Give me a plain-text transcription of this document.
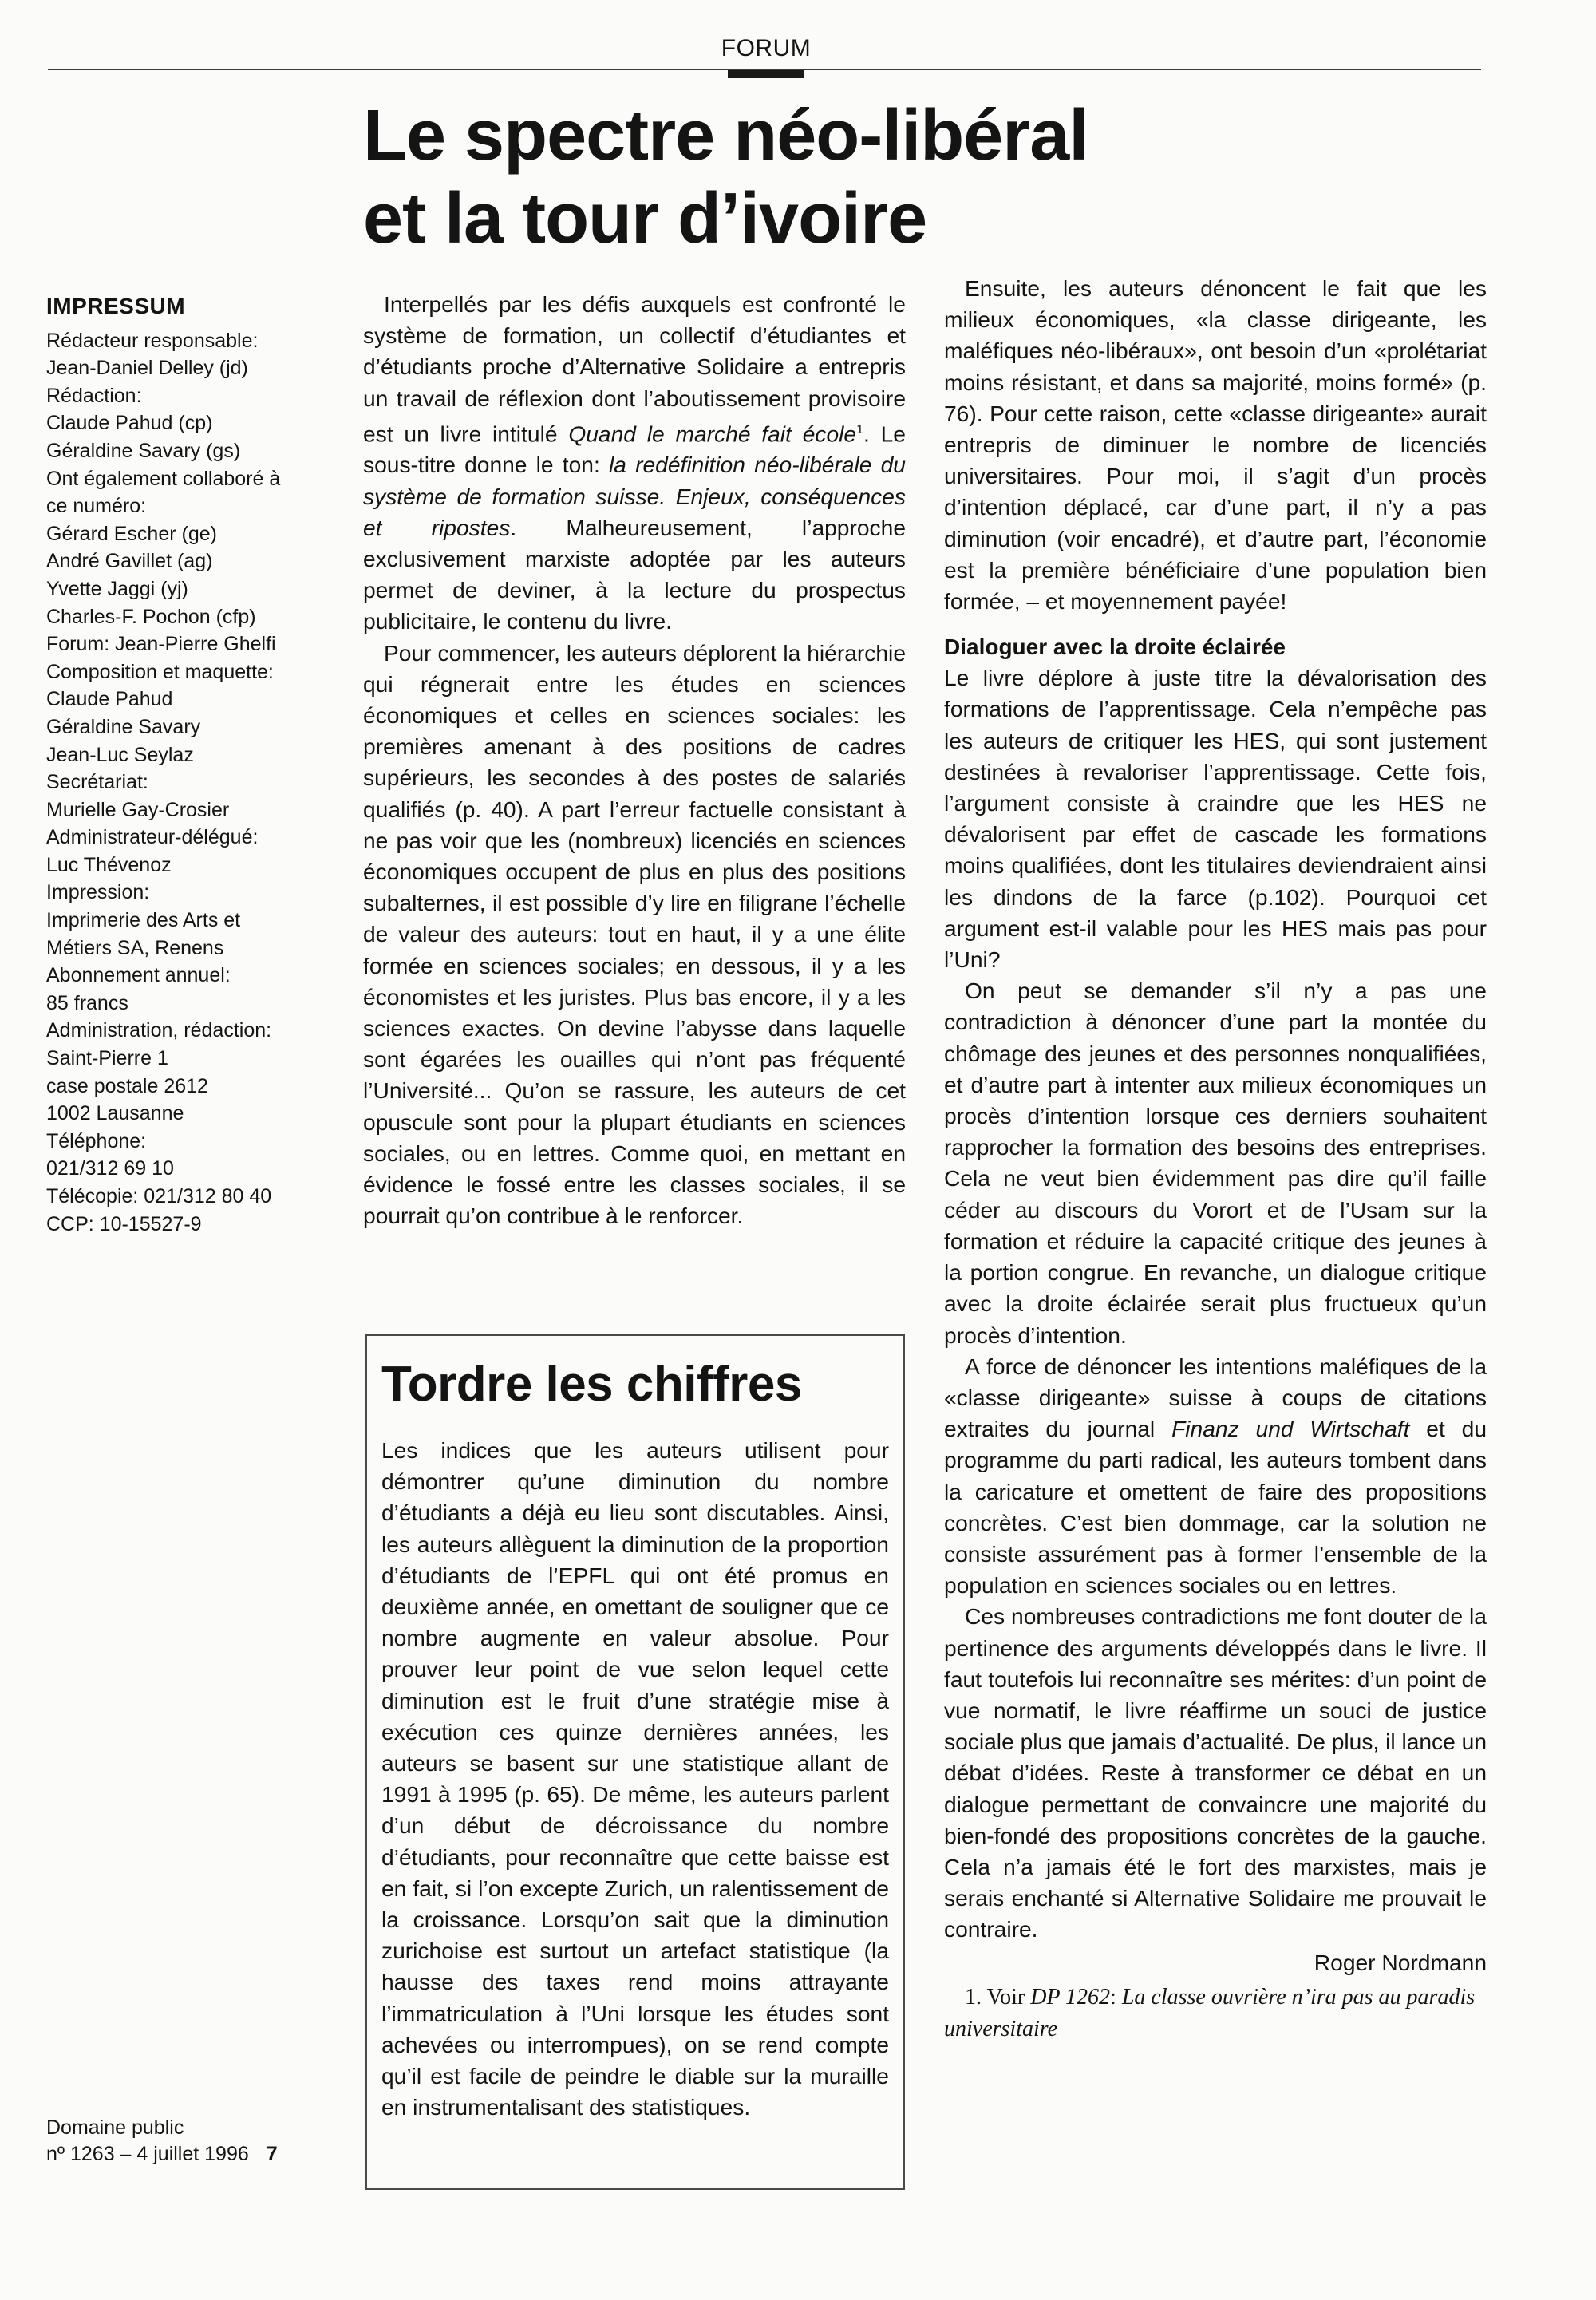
FORUM
Le spectre néo-libéral
et la tour d’ivoire
IMPRESSUM
Rédacteur responsable:
Jean-Daniel Delley (jd)
Rédaction:
Claude Pahud (cp)
Géraldine Savary (gs)
Ont également collaboré à
ce numéro:
Gérard Escher (ge)
André Gavillet (ag)
Yvette Jaggi (yj)
Charles-F. Pochon (cfp)
Forum: Jean-Pierre Ghelfi
Composition et maquette:
Claude Pahud
Géraldine Savary
Jean-Luc Seylaz
Secrétariat:
Murielle Gay-Crosier
Administrateur-délégué:
Luc Thévenoz
Impression:
Imprimerie des Arts et
Métiers SA, Renens
Abonnement annuel:
85 francs
Administration, rédaction:
Saint-Pierre 1
case postale 2612
1002 Lausanne
Téléphone:
021/312 69 10
Télécopie: 021/312 80 40
CCP: 10-15527-9
Domaine public
nº 1263 – 4 juillet 1996 7

Interpellés par les défis auxquels est confronté le système de formation, un collectif d’étudiantes et d’étudiants proche d’Alternative Solidaire a entrepris un travail de réflexion dont l’aboutissement provisoire est un livre intitulé Quand le marché fait école$^1$. Le sous-titre donne le ton: la redéfinition néo-libérale du système de formation suisse. Enjeux, conséquences et ripostes. Malheureusement, l’approche exclusivement marxiste adoptée par les auteurs permet de deviner, à la lecture du prospectus publicitaire, le contenu du livre.

Pour commencer, les auteurs déplorent la hiérarchie qui régnerait entre les études en sciences économiques et celles en sciences sociales: les premières amenant à des positions de cadres supérieurs, les secondes à des postes de salariés qualifiés (p. 40). A part l’erreur factuelle consistant à ne pas voir que les (nombreux) licenciés en sciences économiques occupent de plus en plus des positions subalternes, il est possible d’y lire en filigrane l’échelle de valeur des auteurs: tout en haut, il y a une élite formée en sciences sociales; en dessous, il y a les économistes et les juristes. Plus bas encore, il y a les sciences exactes. On devine l’abysse dans laquelle sont égarées les ouailles qui n’ont pas fréquenté l’Université... Qu’on se rassure, les auteurs de cet opuscule sont pour la plupart étudiants en sciences sociales, ou en lettres. Comme quoi, en mettant en évidence le fossé entre les classes sociales, il se pourrait qu’on contribue à le renforcer.

Tordre les chiffres

Les indices que les auteurs utilisent pour démontrer qu’une diminution du nombre d’étudiants a déjà eu lieu sont discutables. Ainsi, les auteurs allèguent la diminution de la proportion d’étudiants de l’EPFL qui ont été promus en deuxième année, en omettant de souligner que ce nombre augmente en valeur absolue. Pour prouver leur point de vue selon lequel cette diminution est le fruit d’une stratégie mise à exécution ces quinze dernières années, les auteurs se basent sur une statistique allant de 1991 à 1995 (p. 65). De même, les auteurs parlent d’un début de décroissance du nombre d’étudiants, pour reconnaître que cette baisse est en fait, si l’on excepte Zurich, un ralentissement de la croissance. Lorsqu’on sait que la diminution zurichoise est surtout un artefact statistique (la hausse des taxes rend moins attrayante l’immatriculation à l’Uni lorsque les études sont achevées ou interrompues), on se rend compte qu’il est facile de peindre le diable sur la muraille en instrumentalisant des statistiques.

Ensuite, les auteurs dénoncent le fait que les milieux économiques, «la classe dirigeante, les maléfiques néo-libéraux», ont besoin d’un «prolétariat moins résistant, et dans sa majorité, moins formé» (p. 76). Pour cette raison, cette «classe dirigeante» aurait entrepris de diminuer le nombre de licenciés universitaires. Pour moi, il s’agit d’un procès d’intention déplacé, car d’une part, il n’y a pas diminution (voir encadré), et d’autre part, l’économie est la première bénéficiaire d’une population bien formée, – et moyennement payée!

Dialoguer avec la droite éclairée

Le livre déplore à juste titre la dévalorisation des formations de l’apprentissage. Cela n’empêche pas les auteurs de critiquer les HES, qui sont justement destinées à revaloriser l’apprentissage. Cette fois, l’argument consiste à craindre que les HES ne dévalorisent par effet de cascade les formations moins qualifiées, dont les titulaires deviendraient ainsi les dindons de la farce (p.102). Pourquoi cet argument est-il valable pour les HES mais pas pour l’Uni?

On peut se demander s’il n’y a pas une contradiction à dénoncer d’une part la montée du chômage des jeunes et des personnes nonqualifiées, et d’autre part à intenter aux milieux économiques un procès d’intention lorsque ces derniers souhaitent rapprocher la formation des besoins des entreprises. Cela ne veut bien évidemment pas dire qu’il faille céder au discours du Vorort et de l’Usam sur la formation et réduire la capacité critique des jeunes à la portion congrue. En revanche, un dialogue critique avec la droite éclairée serait plus fructueux qu’un procès d’intention.

A force de dénoncer les intentions maléfiques de la «classe dirigeante» suisse à coups de citations extraites du journal Finanz und Wirtschaft et du programme du parti radical, les auteurs tombent dans la caricature et omettent de faire des propositions concrètes. C’est bien dommage, car la solution ne consiste assurément pas à former l’ensemble de la population en sciences sociales ou en lettres.

Ces nombreuses contradictions me font douter de la pertinence des arguments développés dans le livre. Il faut toutefois lui reconnaître ses mérites: d’un point de vue normatif, le livre réaffirme un souci de justice sociale plus que jamais d’actualité. De plus, il lance un débat d’idées. Reste à transformer ce débat en un dialogue permettant de convaincre une majorité du bien-fondé des propositions concrètes de la gauche. Cela n’a jamais été le fort des marxistes, mais je serais enchanté si Alternative Solidaire me prouvait le contraire.

Roger Nordmann

1. Voir DP 1262: La classe ouvrière n’ira pas au paradis universitaire
